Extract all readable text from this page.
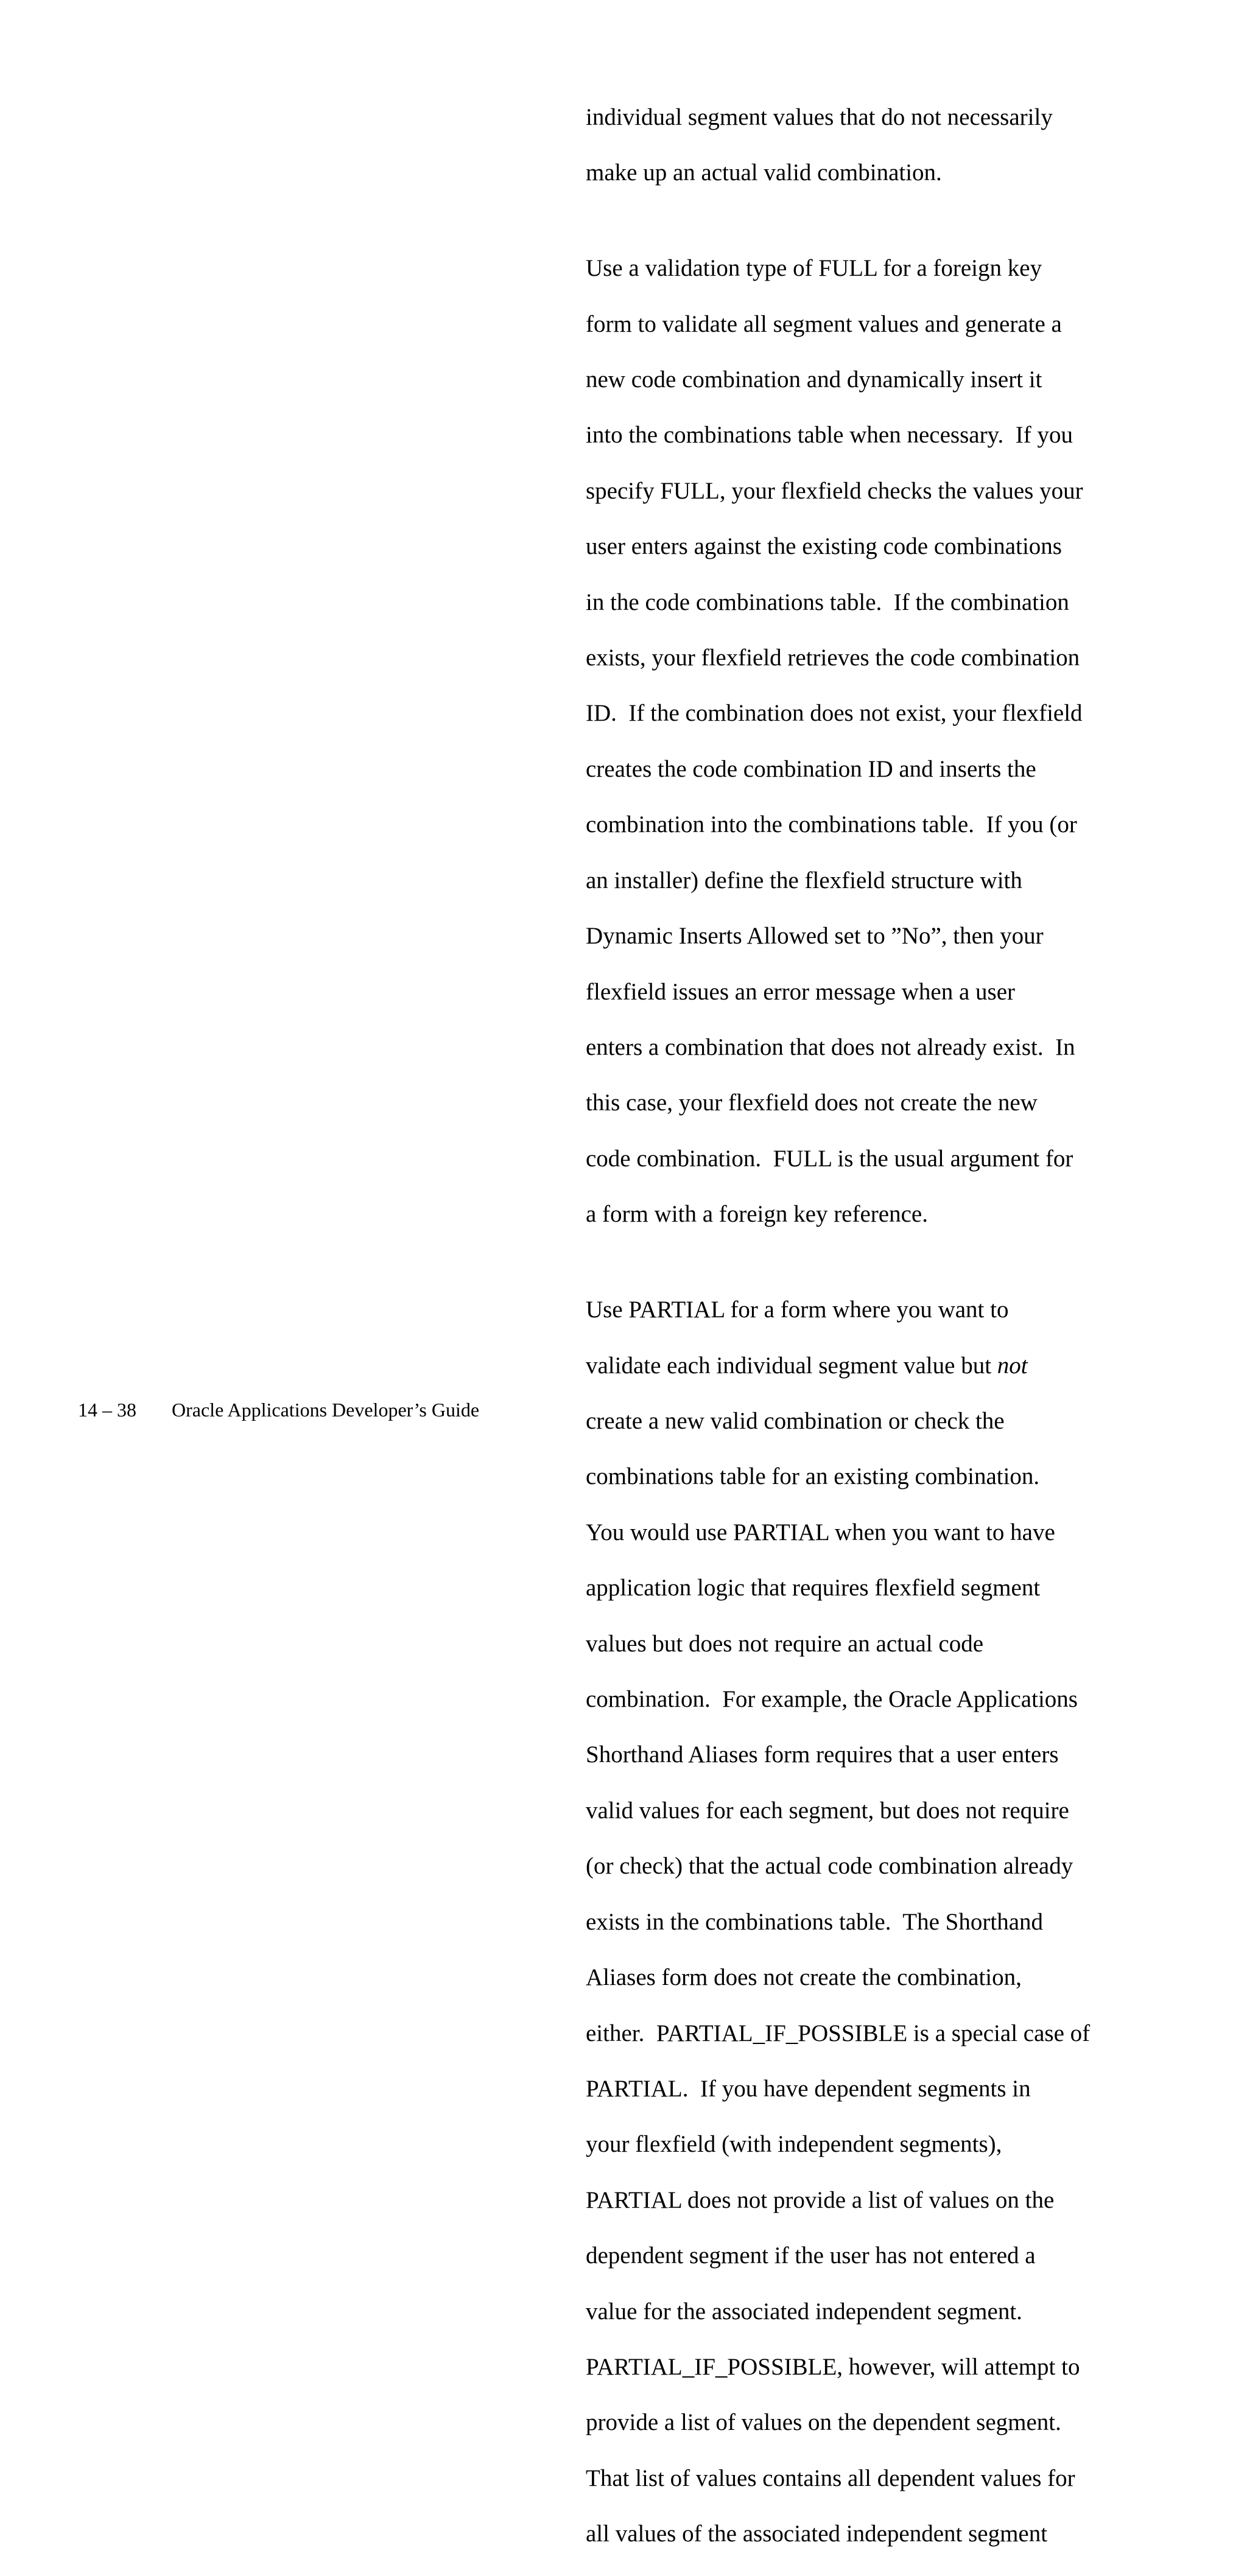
individual segment values that do not necessarily

make up an actual valid combination.

Use a validation type of FULL for a foreign key

form to validate all segment values and generate a

new code combination and dynamically insert it

into the combinations table when necessary.  If you

specify FULL, your flexfield checks the values your

user enters against the existing code combinations

in the code combinations table.  If the combination

exists, your flexfield retrieves the code combination

ID.  If the combination does not exist, your flexfield

creates the code combination ID and inserts the

combination into the combinations table.  If you (or

an installer) define the flexfield structure with

Dynamic Inserts Allowed set to ”No”, then your

flexfield issues an error message when a user

enters a combination that does not already exist.  In

this case, your flexfield does not create the new

code combination.  FULL is the usual argument for

a form with a foreign key reference.

Use PARTIAL for a form where you want to

validate each individual segment value but not

create a new valid combination or check the

combinations table for an existing combination.

You would use PARTIAL when you want to have

application logic that requires flexfield segment

values but does not require an actual code

combination.  For example, the Oracle Applications

Shorthand Aliases form requires that a user enters

valid values for each segment, but does not require

(or check) that the actual code combination already

exists in the combinations table.  The Shorthand

Aliases form does not create the combination,

either.  PARTIAL_IF_POSSIBLE is a special case of

PARTIAL.  If you have dependent segments in

your flexfield (with independent segments),

PARTIAL does not provide a list of values on the

dependent segment if the user has not entered a

value for the associated independent segment.

PARTIAL_IF_POSSIBLE, however, will attempt to

provide a list of values on the dependent segment.

That list of values contains all dependent values for

all values of the associated independent segment

14 – 38 Oracle Applications Developer’s Guide
